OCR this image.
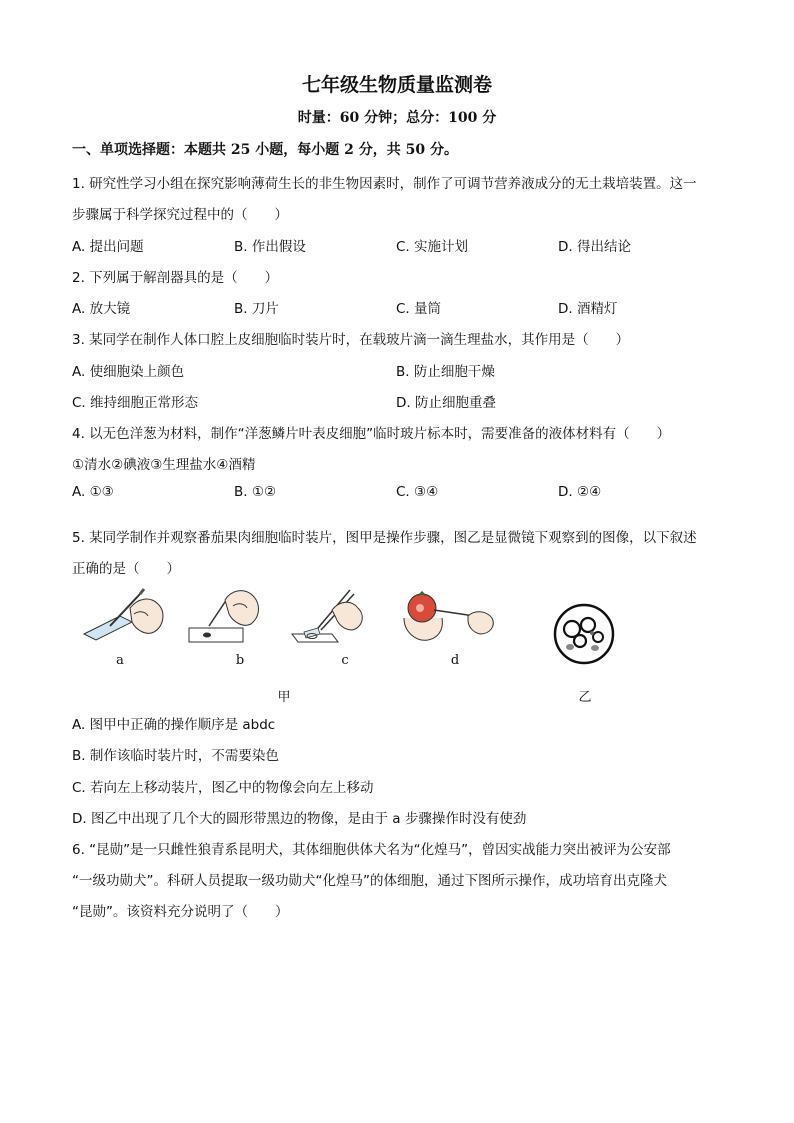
七年级生物质量监测卷
时量：60 分钟；总分：100 分
一、单项选择题：本题共 25 小题，每小题 2 分，共 50 分。
1. 研究性学习小组在探究影响薄荷生长的非生物因素时，制作了可调节营养液成分的无土栽培装置。这一
步骤属于科学探究过程中的（　　）
A. 提出问题	B. 作出假设	C. 实施计划	D. 得出结论
2. 下列属于解剖器具的是（　　）
A. 放大镜	B. 刀片	C. 量筒	D. 酒精灯
3. 某同学在制作人体口腔上皮细胞临时装片时，在载玻片滴一滴生理盐水，其作用是（　　）
A. 使细胞染上颜色	B. 防止细胞干燥
C. 维持细胞正常形态	D. 防止细胞重叠
4. 以无色洋葱为材料，制作“洋葱鳞片叶表皮细胞”临时玻片标本时，需要准备的液体材料有（　　）
①清水②碘液③生理盐水④酒精
A. ①③	B. ①②	C. ③④	D. ②④
5. 某同学制作并观察番茄果肉细胞临时装片，图甲是操作步骤，图乙是显微镜下观察到的图像，以下叙述
正确的是（　　）
a	b	c	d
甲	乙
A. 图甲中正确的操作顺序是 abdc
B. 制作该临时装片时，不需要染色
C. 若向左上移动装片，图乙中的物像会向左上移动
D. 图乙中出现了几个大的圆形带黑边的物像，是由于 a 步骤操作时没有使劲
6. “昆勋”是一只雌性狼青系昆明犬，其体细胞供体犬名为“化煌马”，曾因实战能力突出被评为公安部
“一级功勋犬”。科研人员提取一级功勋犬“化煌马”的体细胞，通过下图所示操作，成功培育出克隆犬
“昆勋”。该资料充分说明了（　　）
